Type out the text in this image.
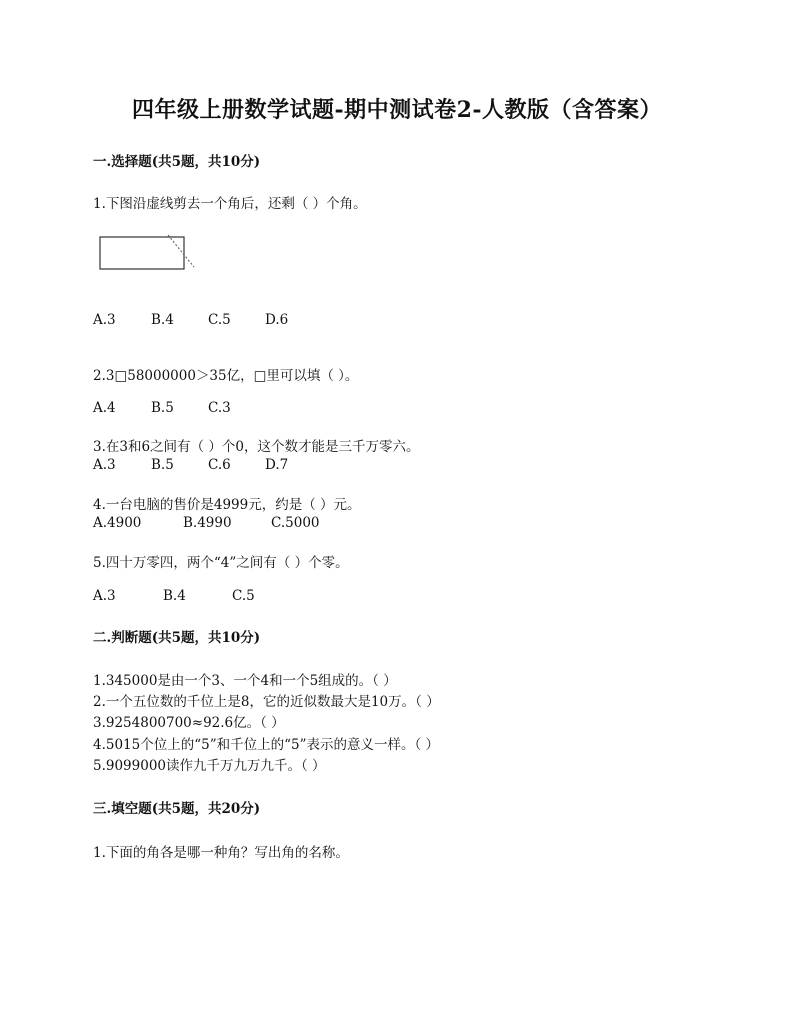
四年级上册数学试题-期中测试卷2-人教版（含答案）
一.选择题(共5题，共10分)
1.下图沿虚线剪去一个角后，还剩（ ）个角。
A.3	B.4	C.5	D.6
2.3□58000000＞35亿，□里可以填（ ）。
A.4	B.5	C.3
3.在3和6之间有（ ）个0，这个数才能是三千万零六。
A.3	B.5	C.6	D.7
4.一台电脑的售价是4999元，约是（ ）元。
A.4900	B.4990	C.5000
5.四十万零四，两个“4”之间有（ ）个零。
A.3	B.4	C.5
二.判断题(共5题，共10分)
1.345000是由一个3、一个4和一个5组成的。（ ）
2.一个五位数的千位上是8，它的近似数最大是10万。（ ）
3.9254800700≈92.6亿。（ ）
4.5015个位上的“5”和千位上的“5”表示的意义一样。（ ）
5.9099000读作九千万九万九千。（ ）
三.填空题(共5题，共20分)
1.下面的角各是哪一种角？写出角的名称。
